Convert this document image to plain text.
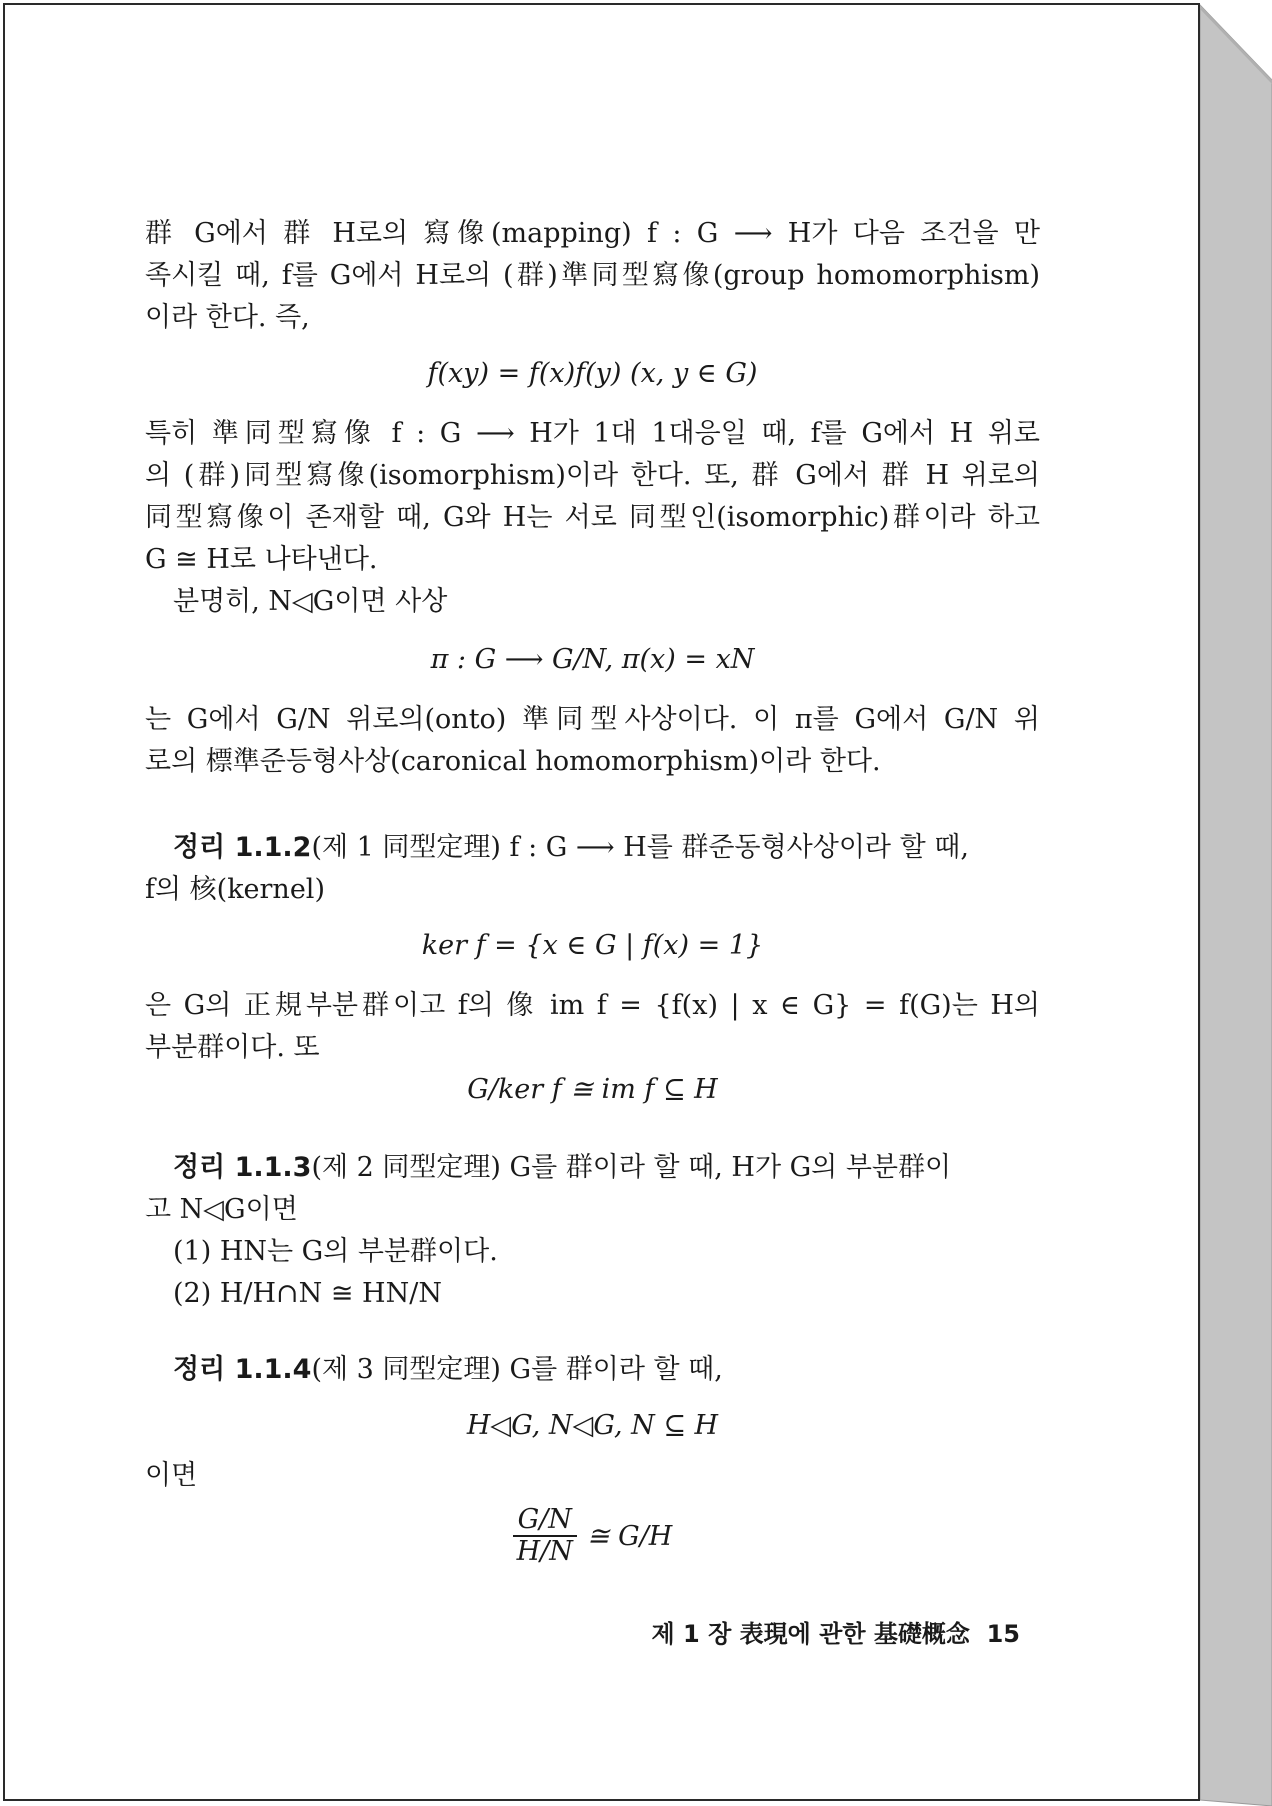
群 G에서 群 H로의 寫像(mapping) f : G ⟶ H가 다음 조건을 만
족시킬 때, f를 G에서 H로의 (群)準同型寫像(group homomorphism)
이라 한다. 즉,
f(xy) = f(x)f(y) (x, y ∈ G)
특히 準同型寫像 f : G ⟶ H가 1대 1대응일 때, f를 G에서 H 위로
의 (群)同型寫像(isomorphism)이라 한다. 또, 群 G에서 群 H 위로의
同型寫像이 존재할 때, G와 H는 서로 同型인(isomorphic)群이라 하고
G ≅ H로 나타낸다.
분명히, N◁G이면 사상
π : G ⟶ G/N, π(x) = xN
는 G에서 G/N 위로의(onto) 準同型사상이다. 이 π를 G에서 G/N 위
로의 標準준등형사상(caronical homomorphism)이라 한다.
정리 1.1.2(제 1 同型定理) f : G ⟶ H를 群준동형사상이라 할 때,
f의 核(kernel)
ker f = {x ∈ G | f(x) = 1}
은 G의 正規부분群이고 f의 像 im f = {f(x) | x ∈ G} = f(G)는 H의
부분群이다. 또
G/ker f ≅ im f ⊆ H
정리 1.1.3(제 2 同型定理) G를 群이라 할 때, H가 G의 부분群이
고 N◁G이면
(1) HN는 G의 부분群이다.
(2) H/H∩N ≅ HN/N
정리 1.1.4(제 3 同型定理) G를 群이라 할 때,
H◁G, N◁G, N ⊆ H
이면
$\frac{G/N}{H/N}$ ≅ G/H
제 1 장 表現에 관한 基礎概念 15
